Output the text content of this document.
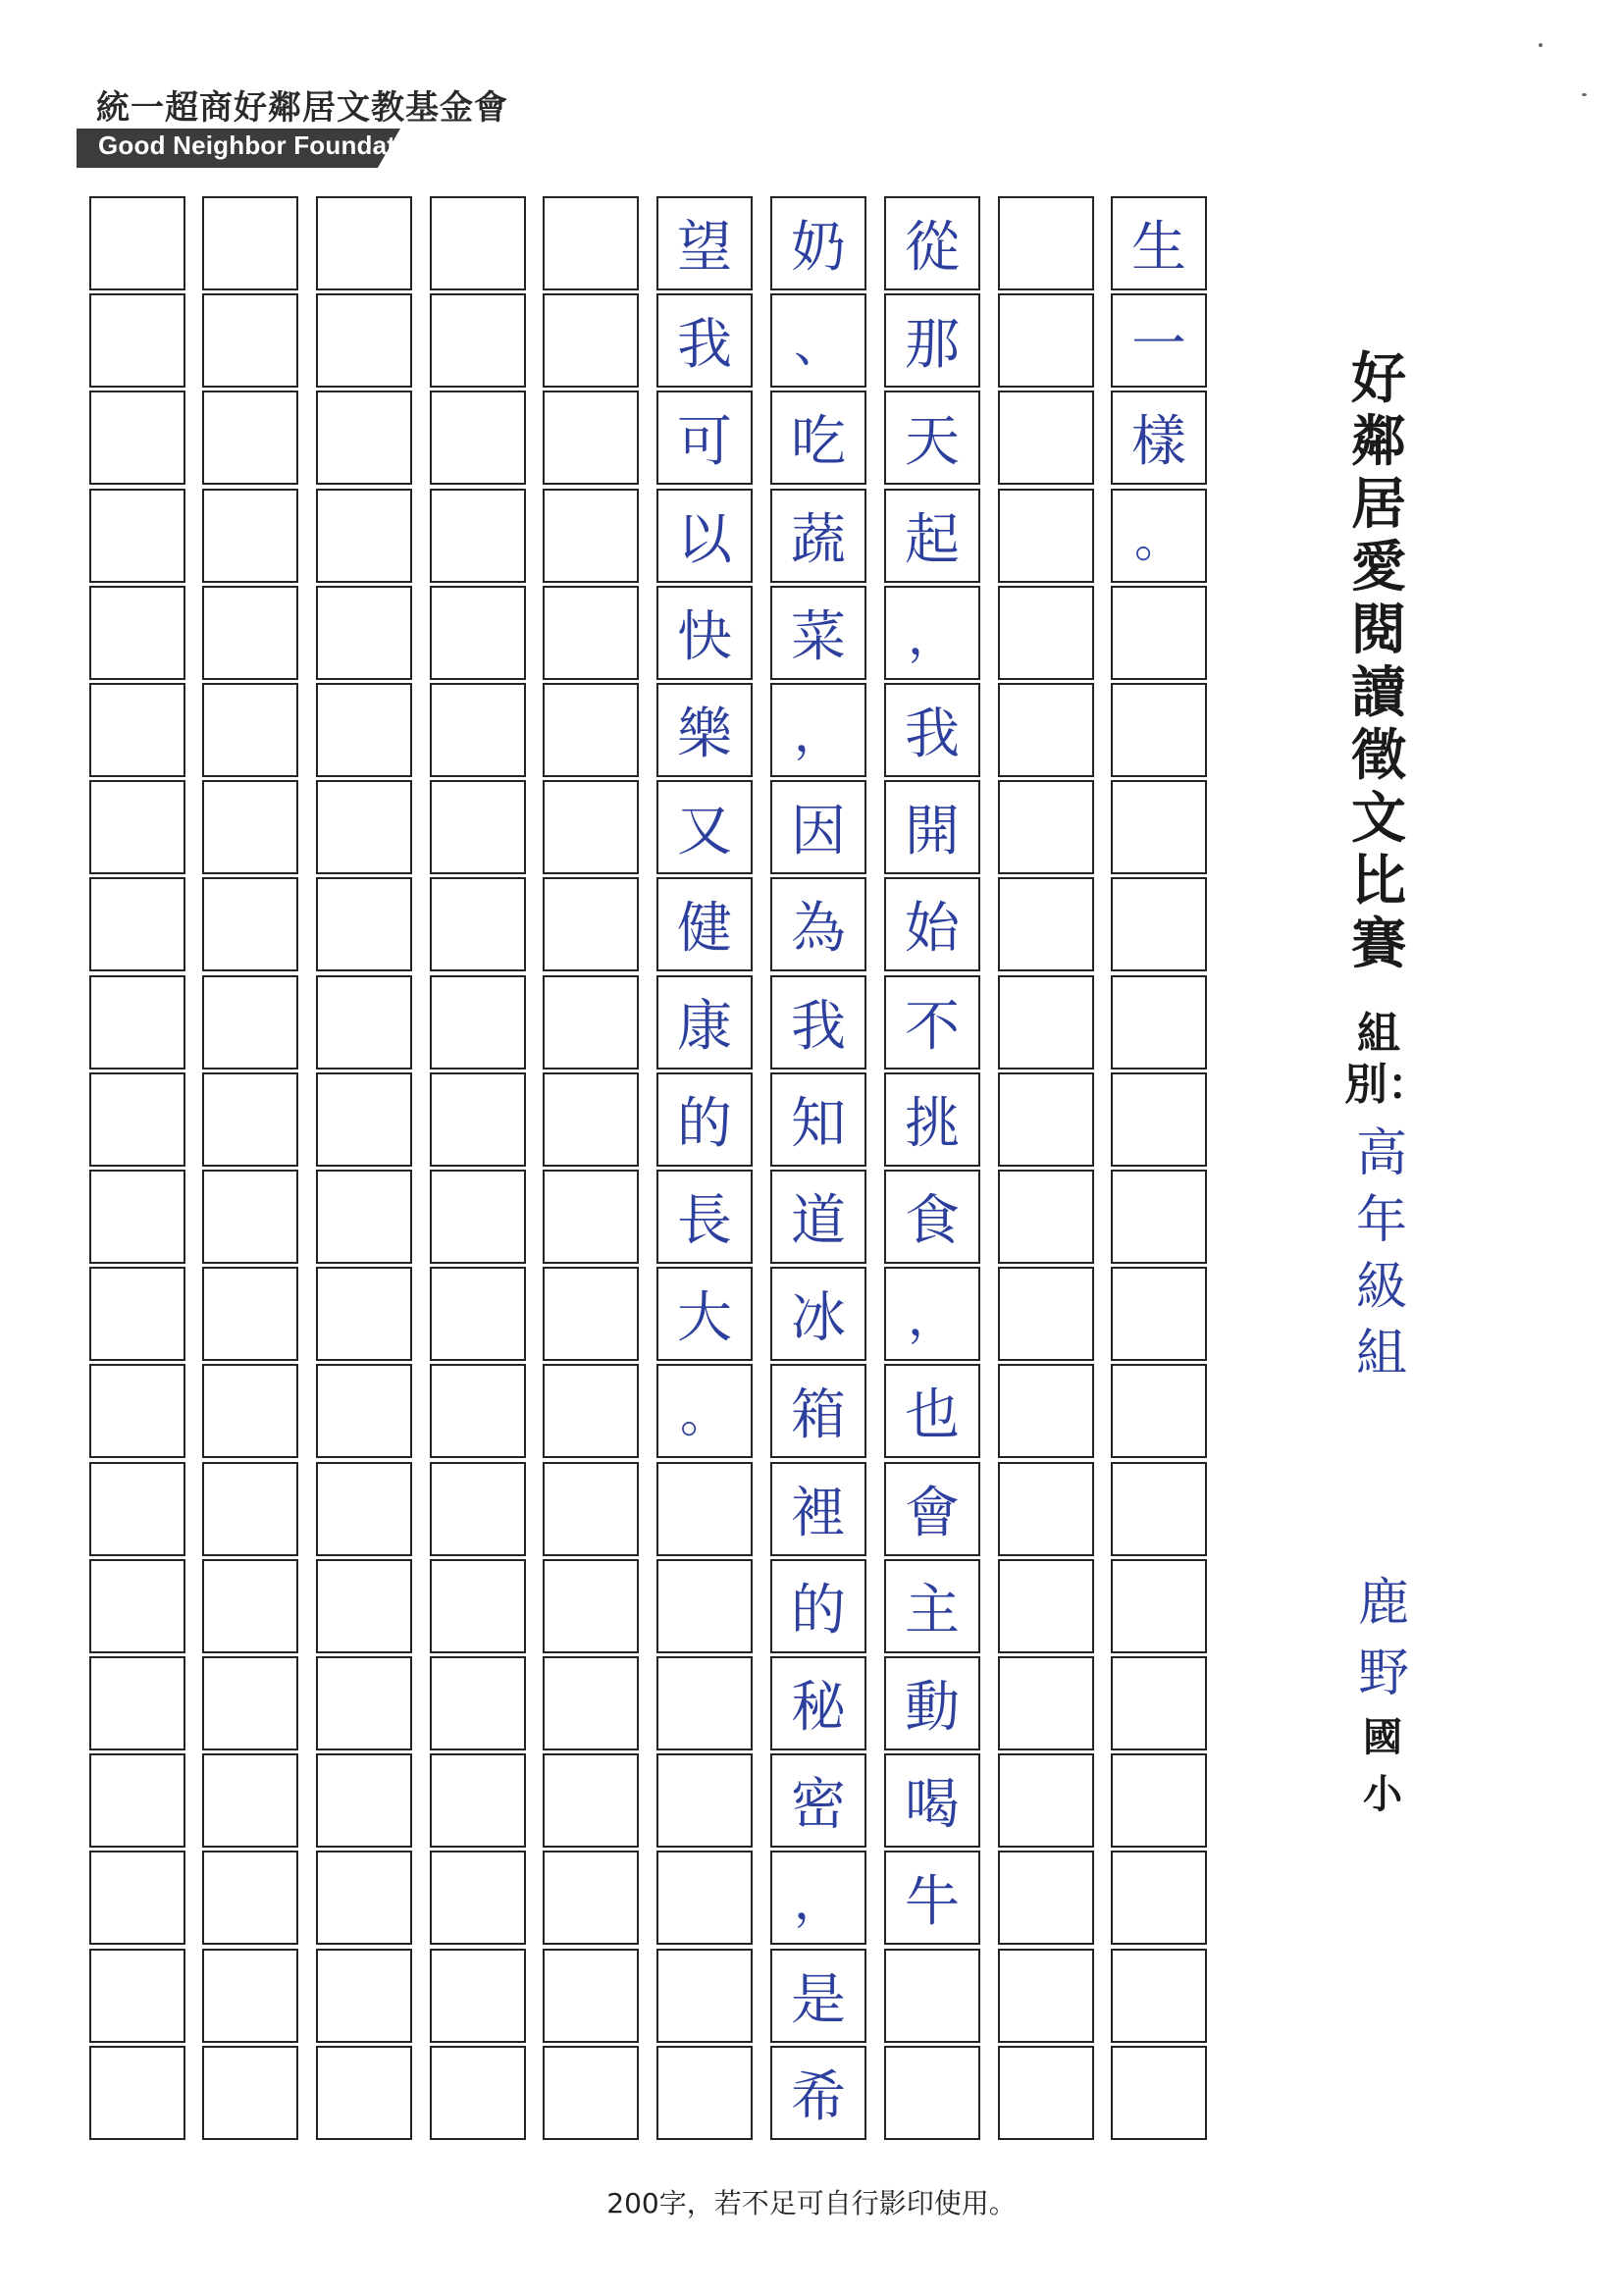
統一超商好鄰居文教基金會
Good Neighbor Foundation
望
我
可
以
快
樂
又
健
康
的
長
大
。
奶
、
吃
蔬
菜
，
因
為
我
知
道
冰
箱
裡
的
秘
密
，
是
希
從
那
天
起
，
我
開
始
不
挑
食
，
也
會
主
動
喝
牛
生
一
樣
。
好鄰居愛閱讀徵文比賽
組別：
高年級組
鹿野
國小
200字，若不足可自行影印使用。
